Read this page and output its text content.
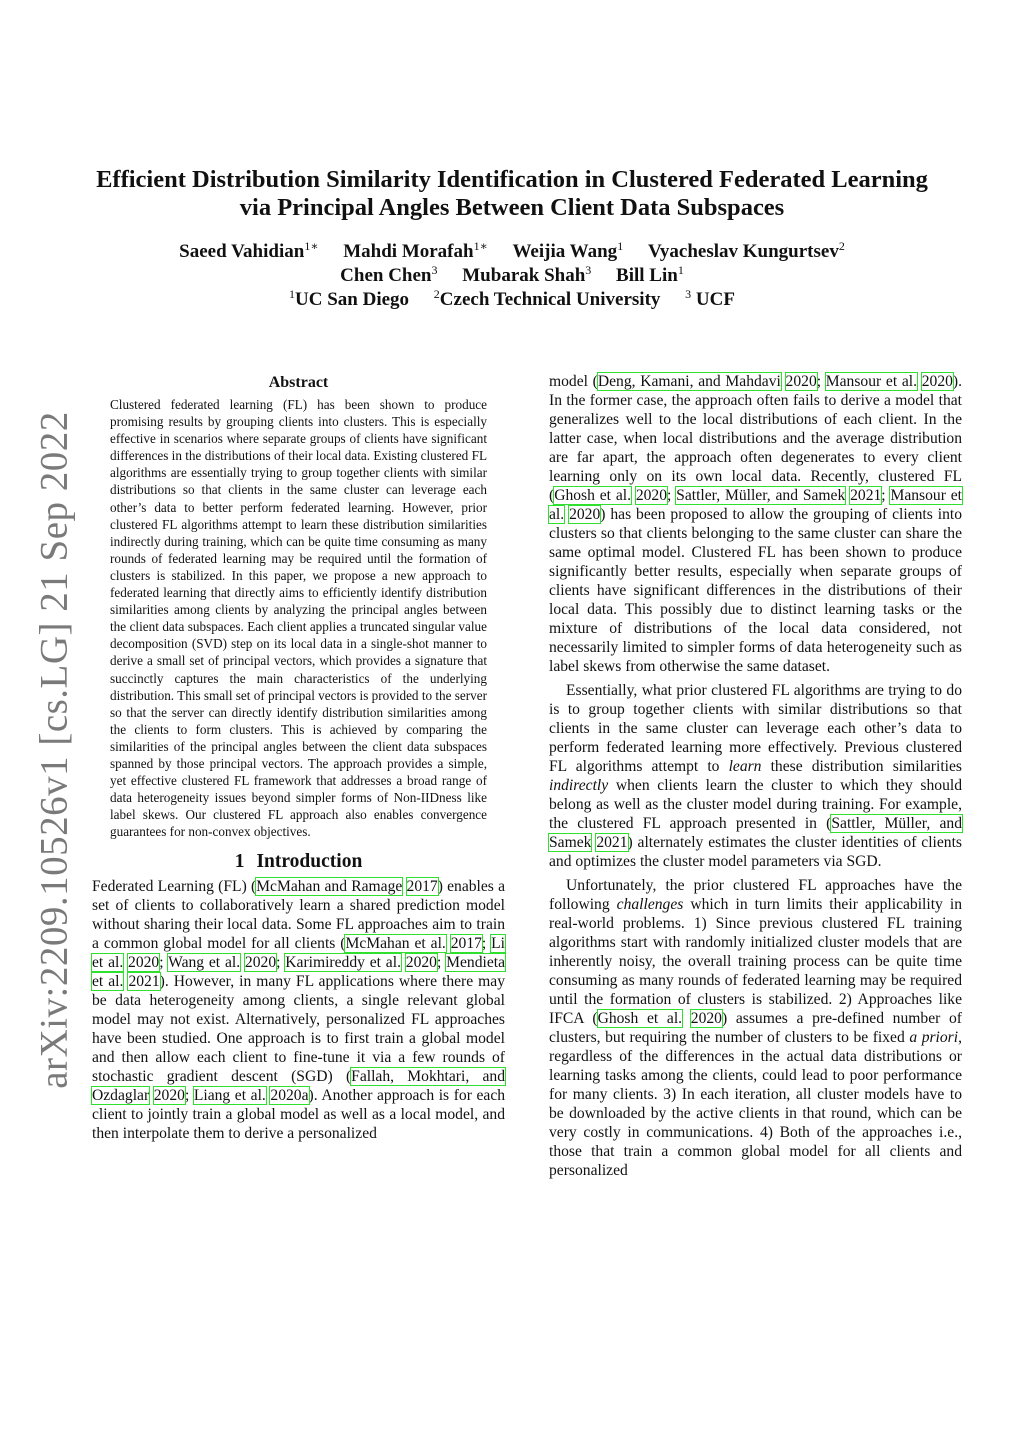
arXiv:2209.10526v1 [cs.LG] 21 Sep 2022
Efficient Distribution Similarity Identification in Clustered Federated Learning
via Principal Angles Between Client Data Subspaces
Saeed Vahidian$^{1∗}$ Mahdi Morafah$^{1∗}$ Weijia Wang$^1$ Vyacheslav Kungurtsev$^2$
Chen Chen$^3$ Mubarak Shah$^3$ Bill Lin$^1$
$^1$UC San Diego $^2$Czech Technical University $^3$ UCF
Abstract

Clustered federated learning (FL) has been shown to produce promising results by grouping clients into clusters. This is especially effective in scenarios where separate groups of clients have significant differences in the distributions of their local data. Existing clustered FL algorithms are essentially trying to group together clients with similar distributions so that clients in the same cluster can leverage each other’s data to better perform federated learning. However, prior clustered FL algorithms attempt to learn these distribution similarities indirectly during training, which can be quite time consuming as many rounds of federated learning may be required until the formation of clusters is stabilized. In this paper, we propose a new approach to federated learning that directly aims to efficiently identify distribution similarities among clients by analyzing the principal angles between the client data subspaces. Each client applies a truncated singular value decomposition (SVD) step on its local data in a single-shot manner to derive a small set of principal vectors, which provides a signature that succinctly captures the main characteristics of the underlying distribution. This small set of principal vectors is provided to the server so that the server can directly identify distribution similarities among the clients to form clusters. This is achieved by comparing the similarities of the principal angles between the client data subspaces spanned by those principal vectors. The approach provides a simple, yet effective clustered FL framework that addresses a broad range of data heterogeneity issues beyond simpler forms of Non-IIDness like label skews. Our clustered FL approach also enables convergence guarantees for non-convex objectives.

1 Introduction

Federated Learning (FL) (McMahan and Ramage 2017) enables a set of clients to collaboratively learn a shared prediction model without sharing their local data. Some FL approaches aim to train a common global model for all clients (McMahan et al. 2017; Li et al. 2020; Wang et al. 2020; Karimireddy et al. 2020; Mendieta et al. 2021). However, in many FL applications where there may be data heterogeneity among clients, a single relevant global model may not exist. Alternatively, personalized FL approaches have been studied. One approach is to first train a global model and then allow each client to fine-tune it via a few rounds of stochastic gradient descent (SGD) (Fallah, Mokhtari, and Ozdaglar 2020; Liang et al. 2020a). Another approach is for each client to jointly train a global model as well as a local model, and then interpolate them to derive a personalized

model (Deng, Kamani, and Mahdavi 2020; Mansour et al. 2020). In the former case, the approach often fails to derive a model that generalizes well to the local distributions of each client. In the latter case, when local distributions and the average distribution are far apart, the approach often degenerates to every client learning only on its own local data. Recently, clustered FL (Ghosh et al. 2020; Sattler, Müller, and Samek 2021; Mansour et al. 2020) has been proposed to allow the grouping of clients into clusters so that clients belonging to the same cluster can share the same optimal model. Clustered FL has been shown to produce significantly better results, especially when separate groups of clients have significant differences in the distributions of their local data. This possibly due to distinct learning tasks or the mixture of distributions of the local data considered, not necessarily limited to simpler forms of data heterogeneity such as label skews from otherwise the same dataset.

Essentially, what prior clustered FL algorithms are trying to do is to group together clients with similar distributions so that clients in the same cluster can leverage each other’s data to perform federated learning more effectively. Previous clustered FL algorithms attempt to learn these distribution similarities indirectly when clients learn the cluster to which they should belong as well as the cluster model during training. For example, the clustered FL approach presented in (Sattler, Müller, and Samek 2021) alternately estimates the cluster identities of clients and optimizes the cluster model parameters via SGD.

Unfortunately, the prior clustered FL approaches have the following challenges which in turn limits their applicability in real-world problems. 1) Since previous clustered FL training algorithms start with randomly initialized cluster models that are inherently noisy, the overall training process can be quite time consuming as many rounds of federated learning may be required until the formation of clusters is stabilized. 2) Approaches like IFCA (Ghosh et al. 2020) assumes a pre-defined number of clusters, but requiring the number of clusters to be fixed a priori, regardless of the differences in the actual data distributions or learning tasks among the clients, could lead to poor performance for many clients. 3) In each iteration, all cluster models have to be downloaded by the active clients in that round, which can be very costly in communications. 4) Both of the approaches i.e., those that train a common global model for all clients and personalized
